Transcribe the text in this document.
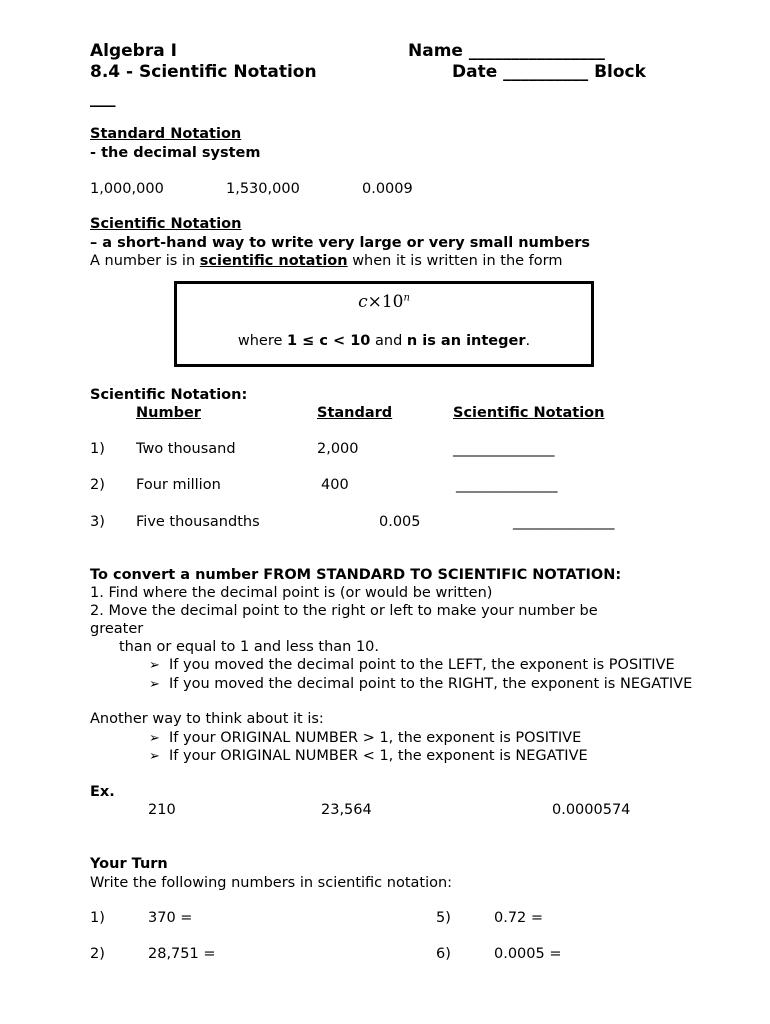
Algebra I
8.4 - Scientific Notation
Name ________________
Date __________ Block
___
Standard Notation
- the decimal system
1,000,000	1,530,000	0.0009
Scientific Notation
– a short-hand way to write very large or very small numbers
A number is in scientific notation when it is written in the form
$c\times 10^n$
where 1 ≤ c < 10 and n is an integer.
Scientific Notation:
Number	Standard	Scientific Notation
1) Two thousand	2,000	______________
2) Four million	400	______________
3) Five thousandths	0.005	______________
To convert a number FROM STANDARD TO SCIENTIFIC NOTATION:
1. Find where the decimal point is (or would be written)
2. Move the decimal point to the right or left to make your number be
greater
than or equal to 1 and less than 10.
➢ If you moved the decimal point to the LEFT, the exponent is POSITIVE
➢ If you moved the decimal point to the RIGHT, the exponent is NEGATIVE
Another way to think about it is:
➢ If your ORIGINAL NUMBER > 1, the exponent is POSITIVE
➢ If your ORIGINAL NUMBER < 1, the exponent is NEGATIVE
Ex.
210	23,564	0.0000574
Your Turn
Write the following numbers in scientific notation:
1)	370 =	5)	0.72 =
2)	28,751 =	6)	0.0005 =
